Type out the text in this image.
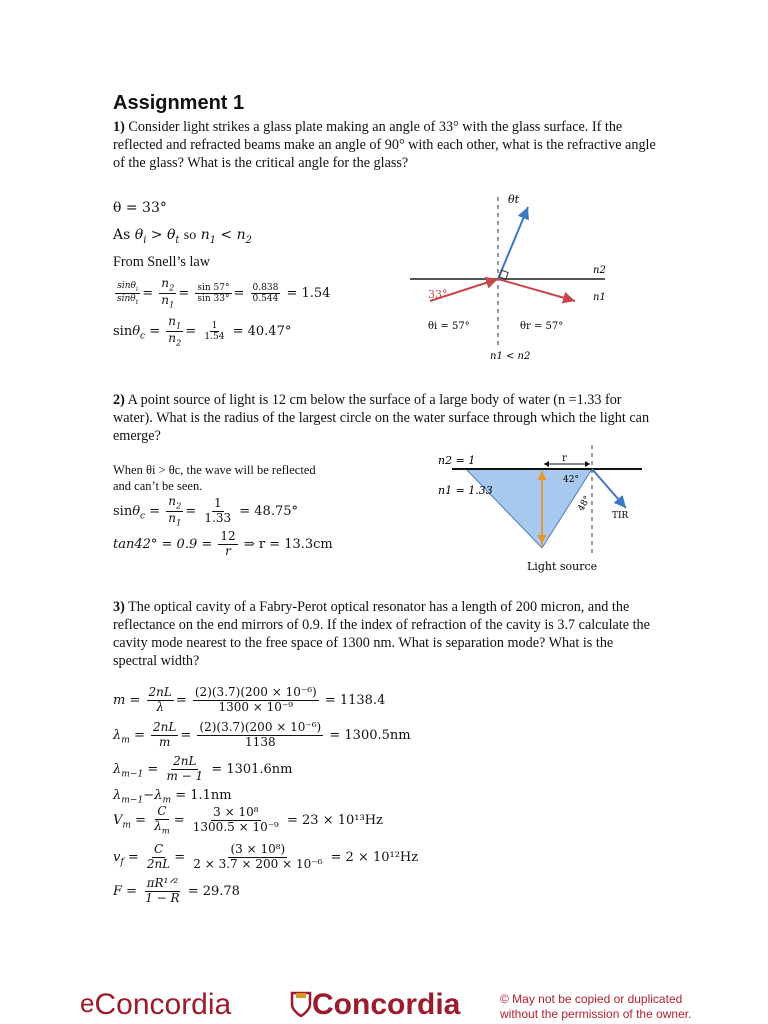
Assignment 1
1) Consider light strikes a glass plate making an angle of 33° with the glass surface. If the reflected and refracted beams make an angle of 90° with each other, what is the refractive angle of the glass? What is the critical angle for the glass?
θ = 33°
As $\theta_i > \theta_t$ so $n_1 < n_2$
From Snell’s law
$\frac{\sin\theta_i}{\sin\theta_t} = \frac{n_2}{n_1} = \frac{\sin 57^\circ}{\sin 33^\circ} = \frac{0.838}{0.544} = 1.54$
$\sin\theta_c = \frac{n_1}{n_2} = \frac{1}{1.54} = 40.47^\circ$
θt
n2
n1
33°
θi = 57°	θr = 57°
n1 < n2
2) A point source of light is 12 cm below the surface of a large body of water (n =1.33 for water). What is the radius of the largest circle on the water surface through which the light can emerge?
When θi > θc, the wave will be reflected
and can’t be seen.
$\sin\theta_c = \frac{n_2}{n_1} = \frac{1}{1.33} = 48.75^\circ$
$\tan 42^\circ = 0.9 = \frac{12}{r}$ ⇒ r = 13.3cm
n2 = 1
n1 = 1.33
r
42°
48°
TIR
Light source
3) The optical cavity of a Fabry-Perot optical resonator has a length of 200 micron, and the reflectance on the end mirrors of 0.9. If the index of refraction of the cavity is 3.7 calculate the cavity mode nearest to the free space of 1300 nm. What is separation mode? What is the spectral width?
$m = \frac{2nL}{\lambda} = \frac{\text{(2)(3.7)(200 × 10⁻⁶)}}{\text{1300 × 10⁻⁹}} = 1138.4$
$\lambda_m = \frac{2nL}{m} = \frac{\text{(2)(3.7)(200 × 10⁻⁶)}}{1138} = 1300.5nm$
$\lambda_{m-1} = \frac{2nL}{m - 1} = 1301.6nm$
$\lambda_{m-1}-\lambda_m = 1.1nm$
$V_m = \frac{C}{\lambda_m} = \frac{\text{3 × 10⁸}}{\text{1300.5 × 10⁻⁹}} = 23 \times 10^{13}Hz$
$v_f = \frac{C}{2nL} = \frac{\text{(3 × 10⁸)}}{\text{2 × 3.7 × 200 × 10⁻⁶}} = 2 \times 10^{12}Hz$
$F = \frac{\text{πR¹ᐟ²}}{1 - R} = 29.78$
eConcordia	Concordia	© May not be copied or duplicated
without the permission of the owner.
